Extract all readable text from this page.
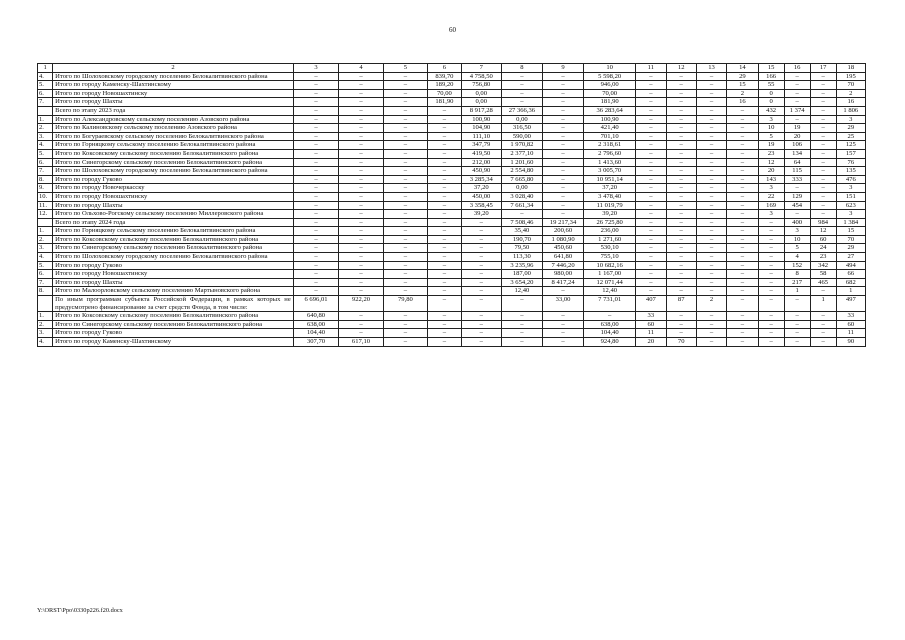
60
1	2	3	4	5	6	7	8	9	10	11	12	13	14	15	16	17	18
4.	Итого по Шолоховскому городскому поселению Белокалитвинского района	–	–	–	839,70	4 758,50	–	–	5 598,20	–	–	–	29	166	–	–	195
5.	Итого по городу Каменску-Шахтинскому	–	–	–	189,20	756,80	–	–	946,00	–	–	–	15	55	–	–	70
6.	Итого по городу Новошахтинску	–	–	–	70,00	0,00	–	–	70,00	–	–	–	2	0	–	–	2
7.	Итого по городу Шахты	–	–	–	181,90	0,00	–	–	181,90	–	–	–	16	0	–	–	16
	Всего по этапу 2023 года	–	–	–	–	8 917,28	27 366,36	–	36 283,64	–	–	–	–	432	1 374	–	1 806
1.	Итого по Александровскому сельскому поселению Азовского района	–	–	–	–	100,90	0,00	–	100,90	–	–	–	–	3	–	–	3
2.	Итого по Калиновскому сельскому поселению Азовского района	–	–	–	–	104,90	316,50	–	421,40	–	–	–	–	10	19	–	29
3.	Итого по Богураевскому сельскому поселению Белокалитвинского района	–	–	–	–	111,10	590,00	–	701,10	–	–	–	–	5	20	–	25
4.	Итого по Горняцкому сельскому поселению Белокалитвинского района	–	–	–	–	347,79	1 970,82	–	2 318,61	–	–	–	–	19	106	–	125
5.	Итого по Коксовскому сельскому поселению Белокалитвинского района	–	–	–	–	419,50	2 377,10	–	2 796,60	–	–	–	–	23	134	–	157
6.	Итого по Синегорскому сельскому поселению Белокалитвинского района	–	–	–	–	212,00	1 201,60	–	1 413,60	–	–	–	–	12	64	–	76
7.	Итого по Шолоховскому городскому поселению Белокалитвинского района	–	–	–	–	450,90	2 554,80	–	3 005,70	–	–	–	–	20	115	–	135
8.	Итого по городу Гуково	–	–	–	–	3 285,34	7 665,80	–	10 951,14	–	–	–	–	143	333	–	476
9.	Итого по городу Новочеркасску	–	–	–	–	37,20	0,00	–	37,20	–	–	–	–	3	–	–	3
10.	Итого по городу Новошахтинску	–	–	–	–	450,00	3 028,40	–	3 478,40	–	–	–	–	22	129	–	151
11.	Итого по городу Шахты	–	–	–	–	3 358,45	7 661,34	–	11 019,79	–	–	–	–	169	454	–	623
12.	Итого по Ольхово-Рогскому сельскому поселению Миллеровского района	–	–	–	–	39,20	–	–	39,20	–	–	–	–	3	–	–	3
	Всего по этапу 2024 года	–	–	–	–	–	7 508,46	19 217,34	26 725,80	–	–	–	–	–	400	984	1 384
1.	Итого по Горняцкому сельскому поселению Белокалитвинского района	–	–	–	–	–	35,40	200,60	236,00	–	–	–	–	–	3	12	15
2.	Итого по Коксовскому сельскому поселению Белокалитвинского района	–	–	–	–	–	190,70	1 080,90	1 271,60	–	–	–	–	–	10	60	70
3.	Итого по Синегорскому сельскому поселению Белокалитвинского района	–	–	–	–	–	79,50	450,60	530,10	–	–	–	–	–	5	24	29
4.	Итого по Шолоховскому городскому поселению Белокалитвинского района	–	–	–	–	–	113,30	641,80	755,10	–	–	–	–	–	4	23	27
5.	Итого по городу Гуково	–	–	–	–	–	3 235,96	7 446,20	10 682,16	–	–	–	–	–	152	342	494
6.	Итого по городу Новошахтинску	–	–	–	–	–	187,00	980,00	1 167,00	–	–	–	–	–	8	58	66
7.	Итого по городу Шахты	–	–	–	–	–	3 654,20	8 417,24	12 071,44	–	–	–	–	–	217	465	682
8.	Итого по Малоорловскому сельскому поселению Мартыновского района	–	–	–	–	–	12,40	–	12,40	–	–	–	–	–	1	–	1
	По иным программам субъекта Российской Федерации, в рамках которых не предусмотрено финансирование за счет средств Фонда, в том числе:	6 696,01	922,20	79,80	–	–	–	33,00	7 731,01	407	87	2	–	–	–	1	497
1.	Итого по Коксовскому сельскому поселению Белокалитвинского района	640,80	–	–	–	–	–	–	–	33	–	–	–	–	–	–	33
2.	Итого по Синегорскому сельскому поселению Белокалитвинского района	638,00	–	–	–	–	–	–	638,00	60	–	–	–	–	–	–	60
3.	Итого по городу Гуково	104,40	–	–	–	–	–	–	104,40	11	–	–	–	–	–	–	11
4.	Итого по городу Каменску-Шахтинскому	307,70	617,10	–	–	–	–	–	924,80	20	70	–	–	–	–	–	90
Y:\ORST\Ppo\0330p226.f20.docx
